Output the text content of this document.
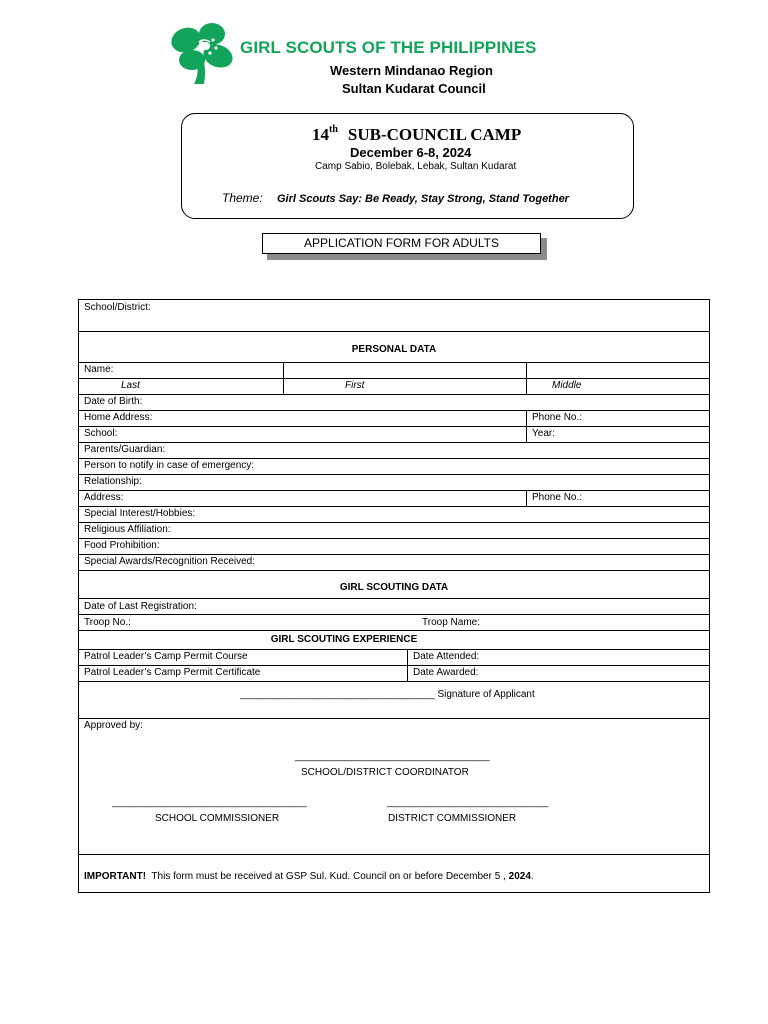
GIRL SCOUTS OF THE PHILIPPINES
Western Mindanao Region
Sultan Kudarat Council
14th SUB-COUNCIL CAMP
December 6-8, 2024
Camp Sabio, Bolebak, Lebak, Sultan Kudarat
Theme: Girl Scouts Say: Be Ready, Stay Strong, Stand Together
APPLICATION FORM FOR ADULTS
School/District:
PERSONAL DATA
Name:
Last	First	Middle
Date of Birth:
Home Address:	Phone No.:
School:	Year:
Parents/Guardian:
Person to notify in case of emergency:
Relationship:
Address:	Phone No.:
Special Interest/Hobbies:
Religious Affiliation:
Food Prohibition:
Special Awards/Recognition Received:
GIRL SCOUTING DATA
Date of Last Registration:
Troop No.:	Troop Name:
GIRL SCOUTING EXPERIENCE
Patrol Leader’s Camp Permit Course	Date Attended:
Patrol Leader’s Camp Permit Certificate	Date Awarded:
___________________________________ Signature of Applicant
Approved by:
___________________________________
SCHOOL/DISTRICT COORDINATOR
___________________________________
SCHOOL COMMISSIONER
_____________________________
DISTRICT COMMISSIONER
IMPORTANT! This form must be received at GSP Sul. Kud. Council on or before December 5 , 2024.
